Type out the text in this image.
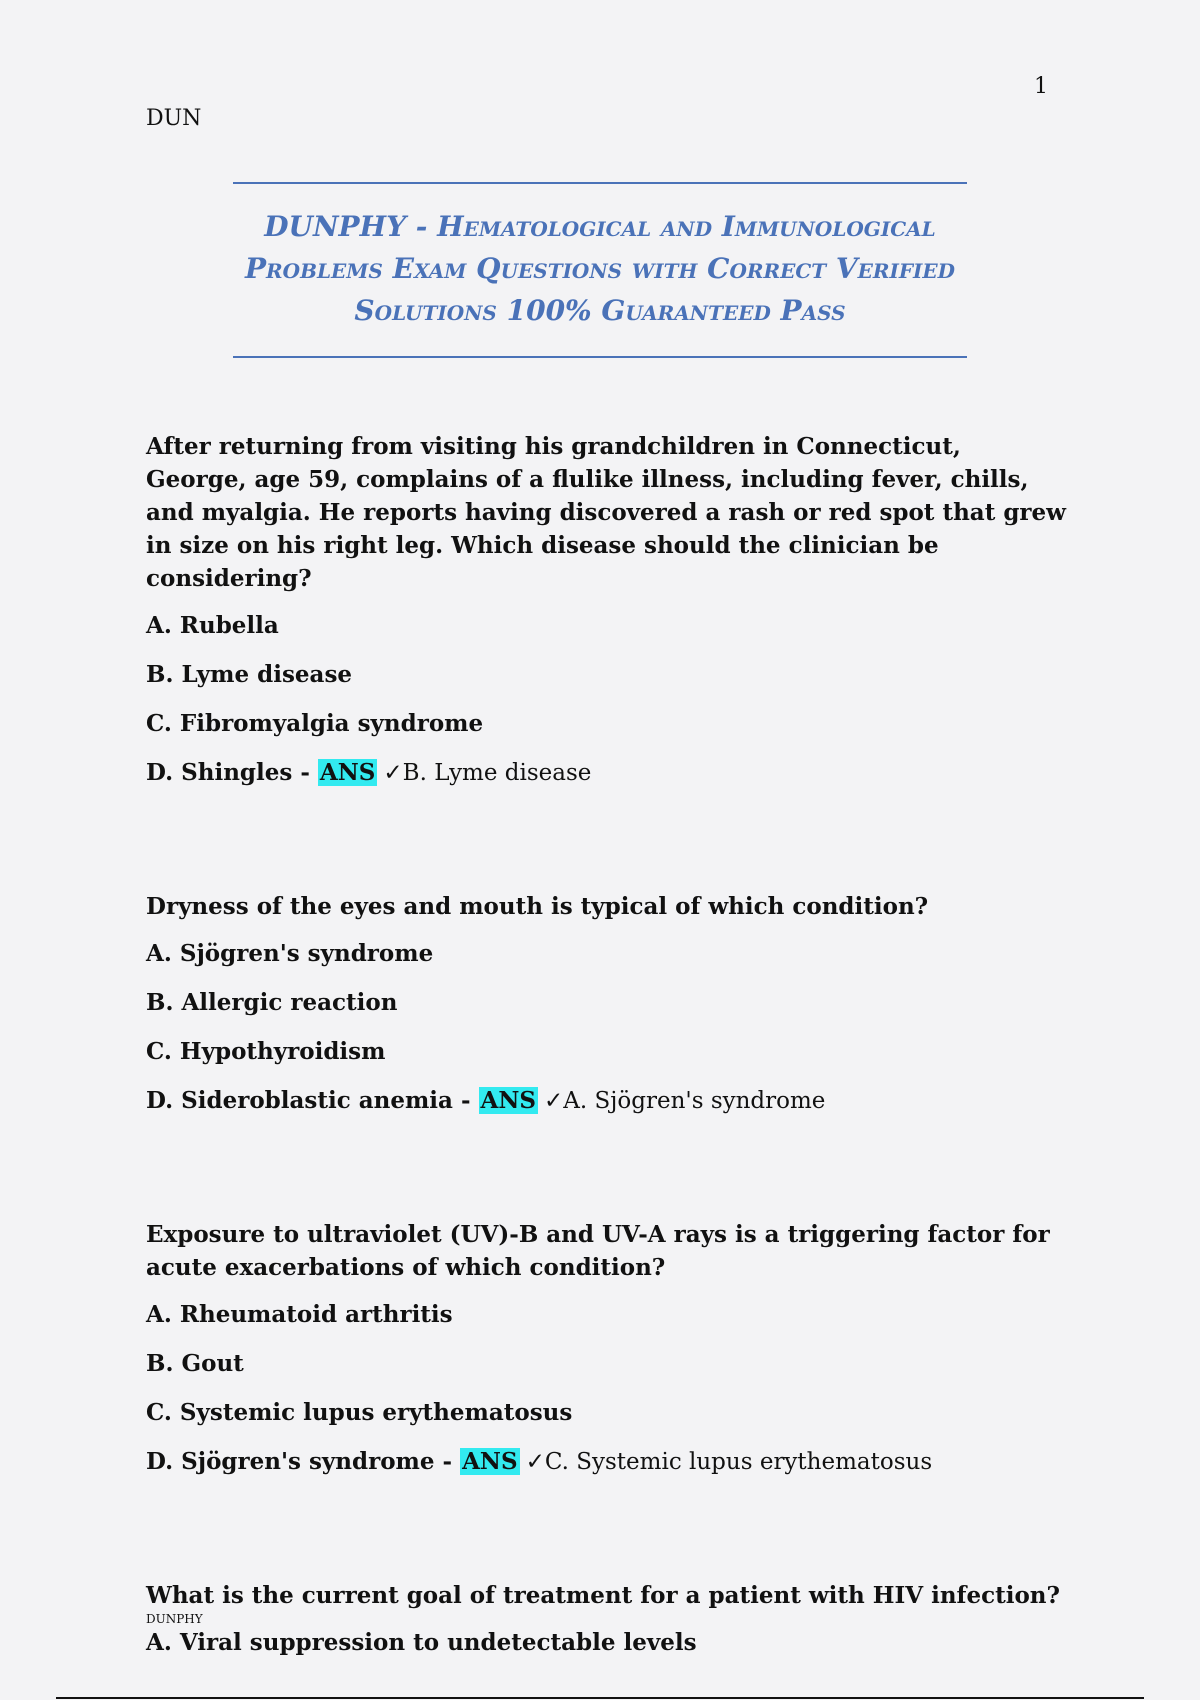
1
DUN
DUNPHY - Hematological and Immunological Problems Exam Questions with Correct Verified Solutions 100% Guaranteed Pass

After returning from visiting his grandchildren in Connecticut, George, age 59, complains of a flulike illness, including fever, chills, and myalgia. He reports having discovered a rash or red spot that grew in size on his right leg. Which disease should the clinician be considering?

A. Rubella

B. Lyme disease

C. Fibromyalgia syndrome

D. Shingles - ANS ✓B. Lyme disease

Dryness of the eyes and mouth is typical of which condition?

A. Sjögren's syndrome

B. Allergic reaction

C. Hypothyroidism

D. Sideroblastic anemia - ANS ✓A. Sjögren's syndrome

Exposure to ultraviolet (UV)-B and UV-A rays is a triggering factor for acute exacerbations of which condition?

A. Rheumatoid arthritis

B. Gout

C. Systemic lupus erythematosus

D. Sjögren's syndrome - ANS ✓C. Systemic lupus erythematosus

What is the current goal of treatment for a patient with HIV infection?

A. Viral suppression to undetectable levels

DUNPHY
